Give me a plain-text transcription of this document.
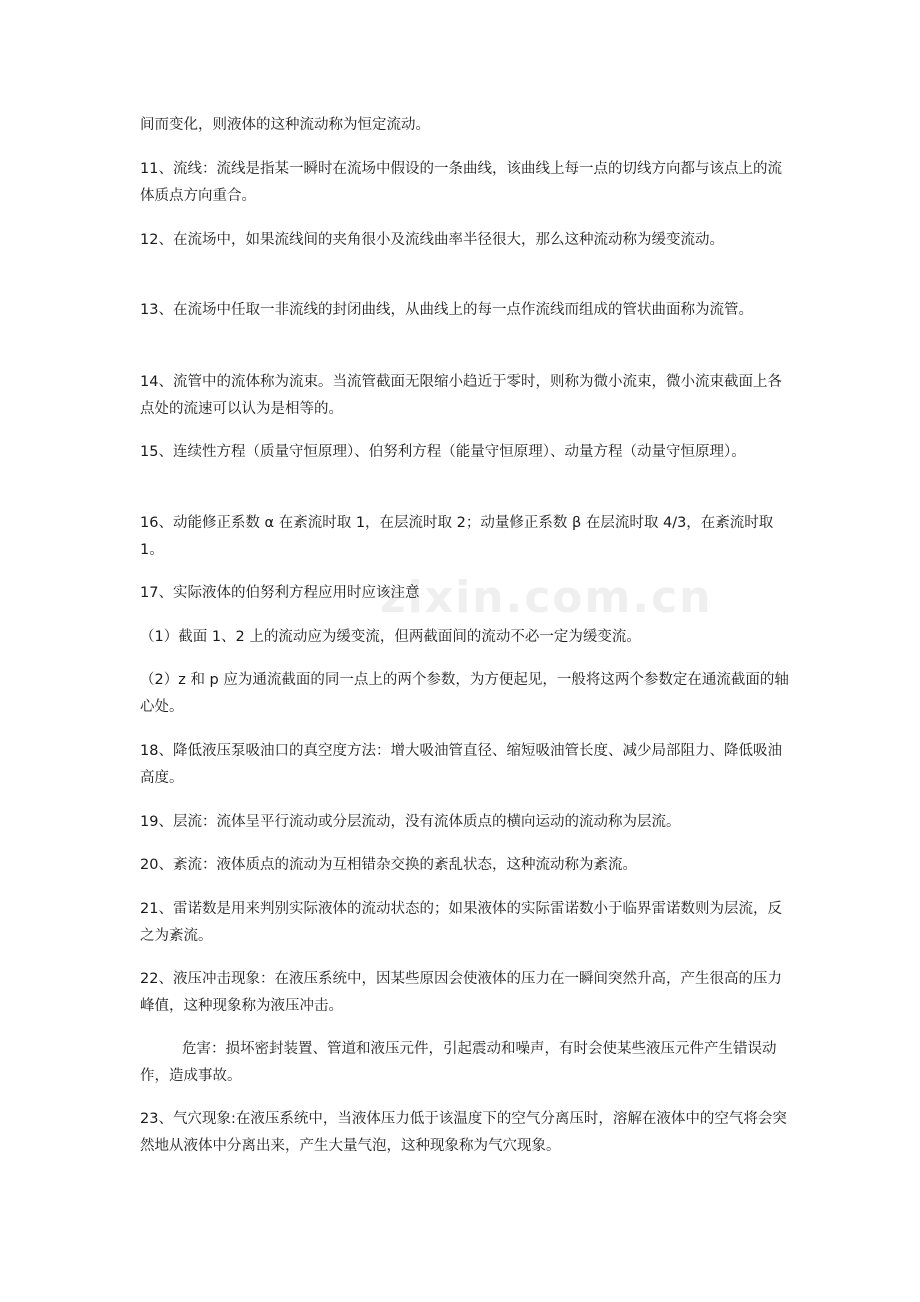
zixin.com.cn

间而变化，则液体的这种流动称为恒定流动。

11、流线：流线是指某一瞬时在流场中假设的一条曲线，该曲线上每一点的切线方向都与该点上的流体质点方向重合。

12、在流场中，如果流线间的夹角很小及流线曲率半径很大，那么这种流动称为缓变流动。

13、在流场中任取一非流线的封闭曲线，从曲线上的每一点作流线而组成的管状曲面称为流管。

14、流管中的流体称为流束。当流管截面无限缩小趋近于零时，则称为微小流束，微小流束截面上各点处的流速可以认为是相等的。

15、连续性方程（质量守恒原理）、伯努利方程（能量守恒原理）、动量方程（动量守恒原理）。

16、动能修正系数 α 在紊流时取 1，在层流时取 2；动量修正系数 β 在层流时取 4/3，在紊流时取 1。

17、实际液体的伯努利方程应用时应该注意

（1）截面 1、2 上的流动应为缓变流，但两截面间的流动不必一定为缓变流。

（2）z 和 p 应为通流截面的同一点上的两个参数，为方便起见，一般将这两个参数定在通流截面的轴心处。

18、降低液压泵吸油口的真空度方法：增大吸油管直径、缩短吸油管长度、减少局部阻力、降低吸油高度。

19、层流：流体呈平行流动或分层流动，没有流体质点的横向运动的流动称为层流。

20、紊流：液体质点的流动为互相错杂交换的紊乱状态，这种流动称为紊流。

21、雷诺数是用来判别实际液体的流动状态的；如果液体的实际雷诺数小于临界雷诺数则为层流，反之为紊流。

22、液压冲击现象：在液压系统中，因某些原因会使液体的压力在一瞬间突然升高，产生很高的压力峰值，这种现象称为液压冲击。

危害：损坏密封装置、管道和液压元件，引起震动和噪声，有时会使某些液压元件产生错误动作，造成事故。

23、气穴现象:在液压系统中，当液体压力低于该温度下的空气分离压时，溶解在液体中的空气将会突然地从液体中分离出来，产生大量气泡，这种现象称为气穴现象。
